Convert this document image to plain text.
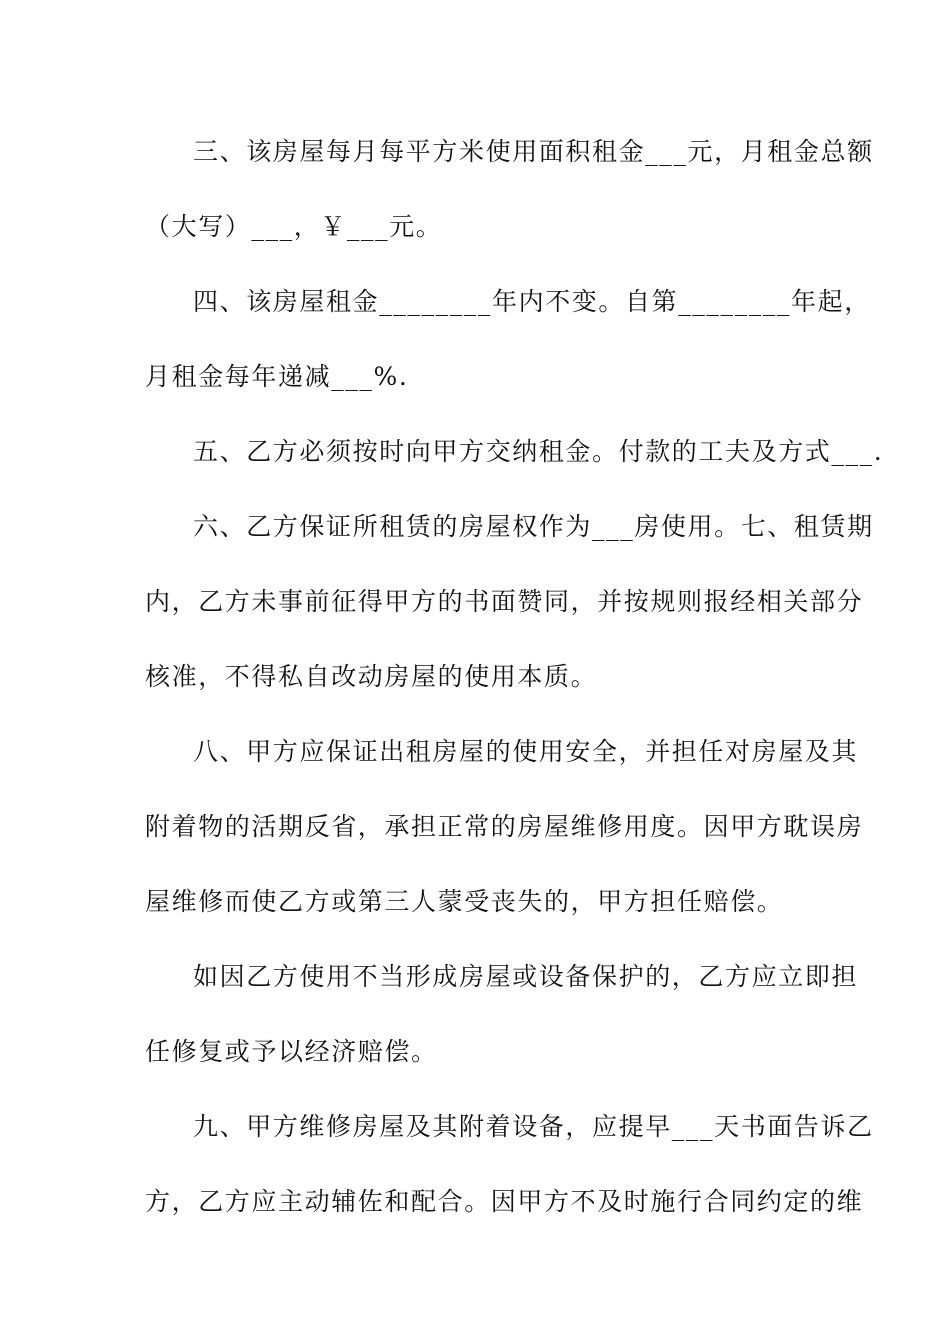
三、该房屋每月每平方米使用面积租金___元，月租金总额
（大写）___，￥___元。
四、该房屋租金________年内不变。自第________年起，
月租金每年递减___%.
五、乙方必须按时向甲方交纳租金。付款的工夫及方式___.
六、乙方保证所租赁的房屋权作为___房使用。七、租赁期
内，乙方未事前征得甲方的书面赞同，并按规则报经相关部分
核准，不得私自改动房屋的使用本质。
八、甲方应保证出租房屋的使用安全，并担任对房屋及其
附着物的活期反省，承担正常的房屋维修用度。因甲方耽误房
屋维修而使乙方或第三人蒙受丧失的，甲方担任赔偿。
如因乙方使用不当形成房屋或设备保护的，乙方应立即担
任修复或予以经济赔偿。
九、甲方维修房屋及其附着设备，应提早___天书面告诉乙
方，乙方应主动辅佐和配合。因甲方不及时施行合同约定的维
